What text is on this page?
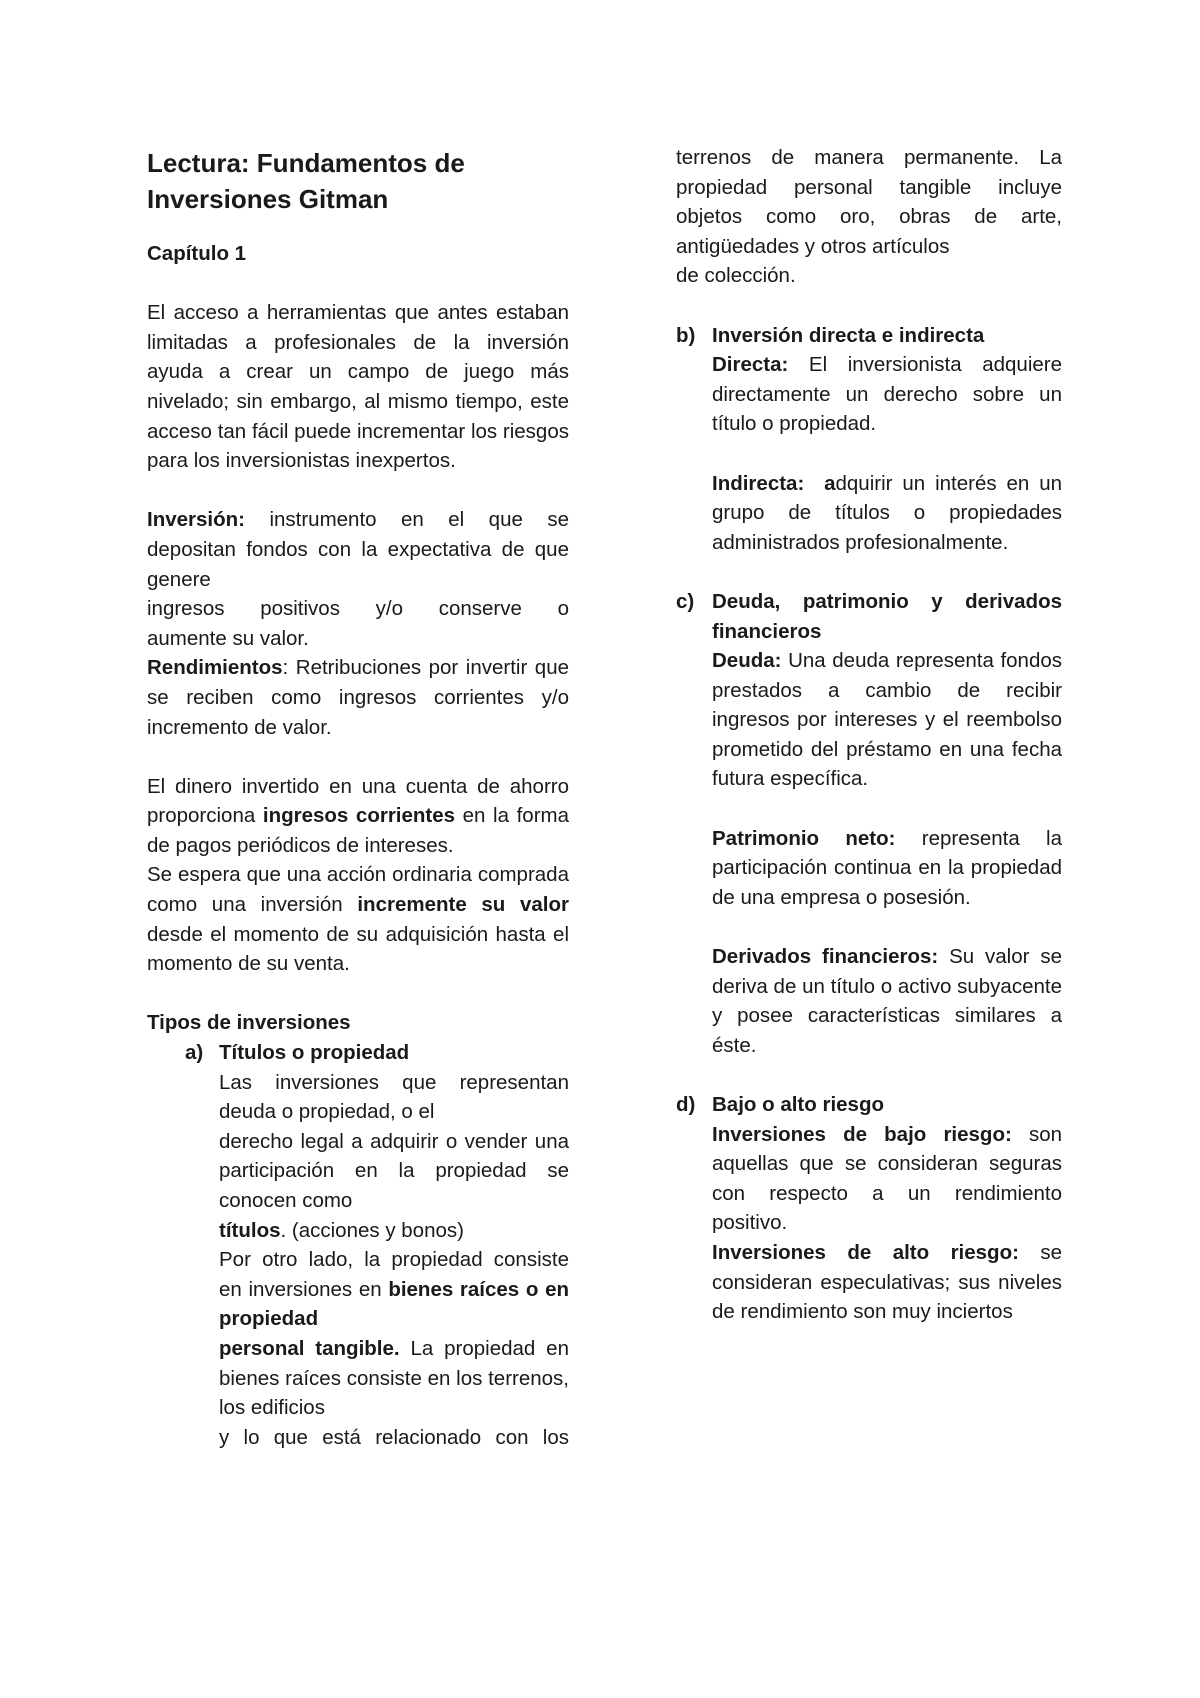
Lectura: Fundamentos de
Inversiones Gitman

Capítulo 1

El acceso a herramientas que antes estaban limitadas a profesionales de la inversión ayuda a crear un campo de juego más nivelado; sin embargo, al mismo tiempo, este acceso tan fácil puede incrementar los riesgos para los inversionistas inexpertos.

Inversión: instrumento en el que se depositan fondos con la expectativa de que genere

ingresos positivos y/o conserve o

aumente su valor.

Rendimientos: Retribuciones por invertir que se reciben como ingresos corrientes y/o incremento de valor.

El dinero invertido en una cuenta de ahorro proporciona ingresos corrientes en la forma de pagos periódicos de intereses.

Se espera que una acción ordinaria comprada como una inversión incremente su valor desde el momento de su adquisición hasta el momento de su venta.

Tipos de inversiones

a) Títulos o propiedad

Las inversiones que representan deuda o propiedad, o el

derecho legal a adquirir o vender una participación en la propiedad se conocen como

títulos. (acciones y bonos)

Por otro lado, la propiedad consiste en inversiones en bienes raíces o en propiedad

personal tangible. La propiedad en bienes raíces consiste en los terrenos, los edificios

y lo que está relacionado con los

terrenos de manera permanente. La propiedad personal tangible incluye objetos como oro, obras de arte, antigüedades y otros artículos

de colección.

b) Inversión directa e indirecta

Directa: El inversionista adquiere directamente un derecho sobre un título o propiedad.

Indirecta: adquirir un interés en un grupo de títulos o propiedades administrados profesionalmente.

c) Deuda, patrimonio y derivados financieros

Deuda: Una deuda representa fondos prestados a cambio de recibir ingresos por intereses y el reembolso prometido del préstamo en una fecha futura específica.

Patrimonio neto: representa la participación continua en la propiedad de una empresa o posesión.

Derivados financieros: Su valor se deriva de un título o activo subyacente y posee características similares a éste.

d) Bajo o alto riesgo

Inversiones de bajo riesgo: son aquellas que se consideran seguras con respecto a un rendimiento positivo.

Inversiones de alto riesgo: se consideran especulativas; sus niveles de rendimiento son muy inciertos
